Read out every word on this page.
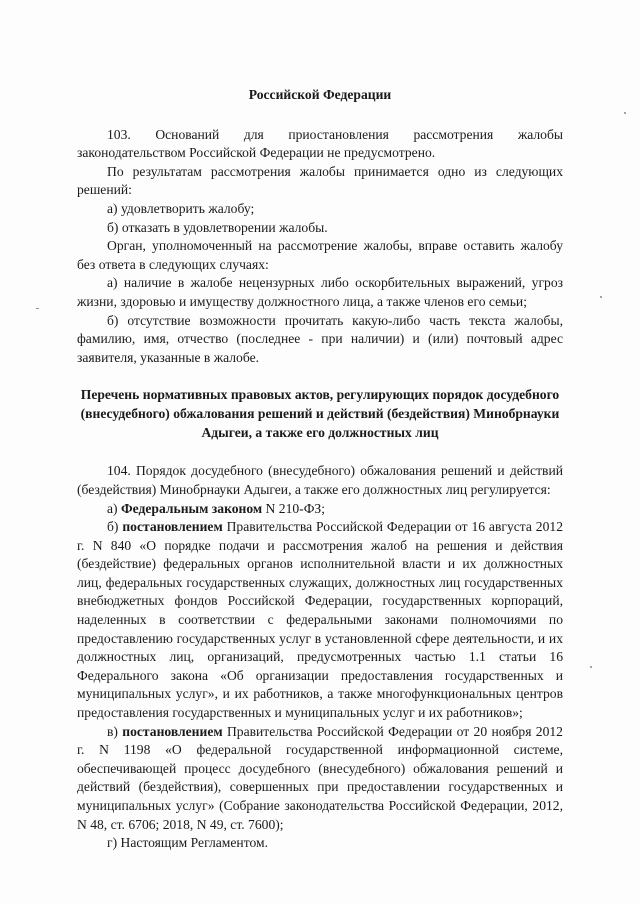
Российской Федерации

103. Оснований для приостановления рассмотрения жалобы законодательством Российской Федерации не предусмотрено.

По результатам рассмотрения жалобы принимается одно из следующих решений:

а) удовлетворить жалобу;

б) отказать в удовлетворении жалобы.

Орган, уполномоченный на рассмотрение жалобы, вправе оставить жалобу без ответа в следующих случаях:

а) наличие в жалобе нецензурных либо оскорбительных выражений, угроз жизни, здоровью и имуществу должностного лица, а также членов его семьи;

б) отсутствие возможности прочитать какую-либо часть текста жалобы, фамилию, имя, отчество (последнее - при наличии) и (или) почтовый адрес заявителя, указанные в жалобе.

Перечень нормативных правовых актов, регулирующих порядок досудебного (внесудебного) обжалования решений и действий (бездействия) Минобрнауки Адыгеи, а также его должностных лиц

104. Порядок досудебного (внесудебного) обжалования решений и действий (бездействия) Минобрнауки Адыгеи, а также его должностных лиц регулируется:

а) Федеральным законом N 210-ФЗ;

б) постановлением Правительства Российской Федерации от 16 августа 2012 г. N 840 «О порядке подачи и рассмотрения жалоб на решения и действия (бездействие) федеральных органов исполнительной власти и их должностных лиц, федеральных государственных служащих, должностных лиц государственных внебюджетных фондов Российской Федерации, государственных корпораций, наделенных в соответствии с федеральными законами полномочиями по предоставлению государственных услуг в установленной сфере деятельности, и их должностных лиц, организаций, предусмотренных частью 1.1 статьи 16 Федерального закона «Об организации предоставления государственных и муниципальных услуг», и их работников, а также многофункциональных центров предоставления государственных и муниципальных услуг и их работников»;

в) постановлением Правительства Российской Федерации от 20 ноября 2012 г. N 1198 «О федеральной государственной информационной системе, обеспечивающей процесс досудебного (внесудебного) обжалования решений и действий (бездействия), совершенных при предоставлении государственных и муниципальных услуг» (Собрание законодательства Российской Федерации, 2012, N 48, ст. 6706; 2018, N 49, ст. 7600);

г) Настоящим Регламентом.
